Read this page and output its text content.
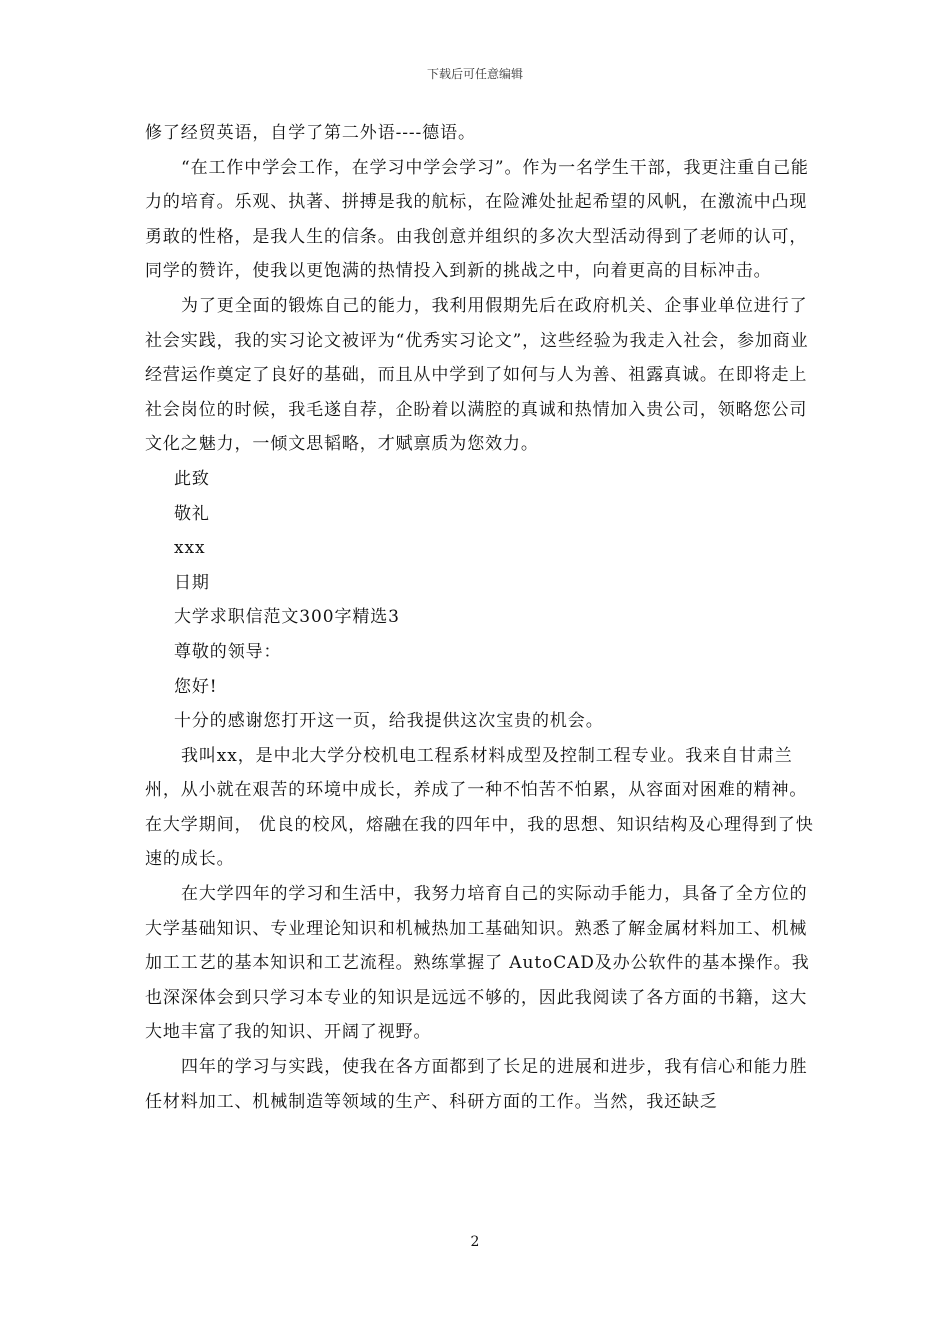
下载后可任意编辑

修了经贸英语，自学了第二外语----德语。

“在工作中学会工作，在学习中学会学习”。作为一名学生干部，我更注重自己能力的培育。乐观、执著、拼搏是我的航标，在险滩处扯起希望的风帆，在激流中凸现勇敢的性格，是我人生的信条。由我创意并组织的多次大型活动得到了老师的认可，同学的赞许，使我以更饱满的热情投入到新的挑战之中，向着更高的目标冲击。

为了更全面的锻炼自己的能力，我利用假期先后在政府机关、企事业单位进行了社会实践，我的实习论文被评为“优秀实习论文”，这些经验为我走入社会，参加商业经营运作奠定了良好的基础，而且从中学到了如何与人为善、祖露真诚。在即将走上社会岗位的时候，我毛遂自荐，企盼着以满腔的真诚和热情加入贵公司，领略您公司文化之魅力，一倾文思韬略，才赋禀质为您效力。

此致

敬礼

xxx

日期

大学求职信范文300字精选3

尊敬的领导：

您好!

十分的感谢您打开这一页，给我提供这次宝贵的机会。

我叫xx，是中北大学分校机电工程系材料成型及控制工程专业。我来自甘肃兰州，从小就在艰苦的环境中成长，养成了一种不怕苦不怕累，从容面对困难的精神。在大学期间， 优良的校风，熔融在我的四年中，我的思想、知识结构及心理得到了快速的成长。

在大学四年的学习和生活中，我努力培育自己的实际动手能力，具备了全方位的大学基础知识、专业理论知识和机械热加工基础知识。熟悉了解金属材料加工、机械加工工艺的基本知识和工艺流程。熟练掌握了 AutoCAD及办公软件的基本操作。我也深深体会到只学习本专业的知识是远远不够的，因此我阅读了各方面的书籍，这大大地丰富了我的知识、开阔了视野。

四年的学习与实践，使我在各方面都到了长足的进展和进步，我有信心和能力胜任材料加工、机械制造等领域的生产、科研方面的工作。当然，我还缺乏

2
